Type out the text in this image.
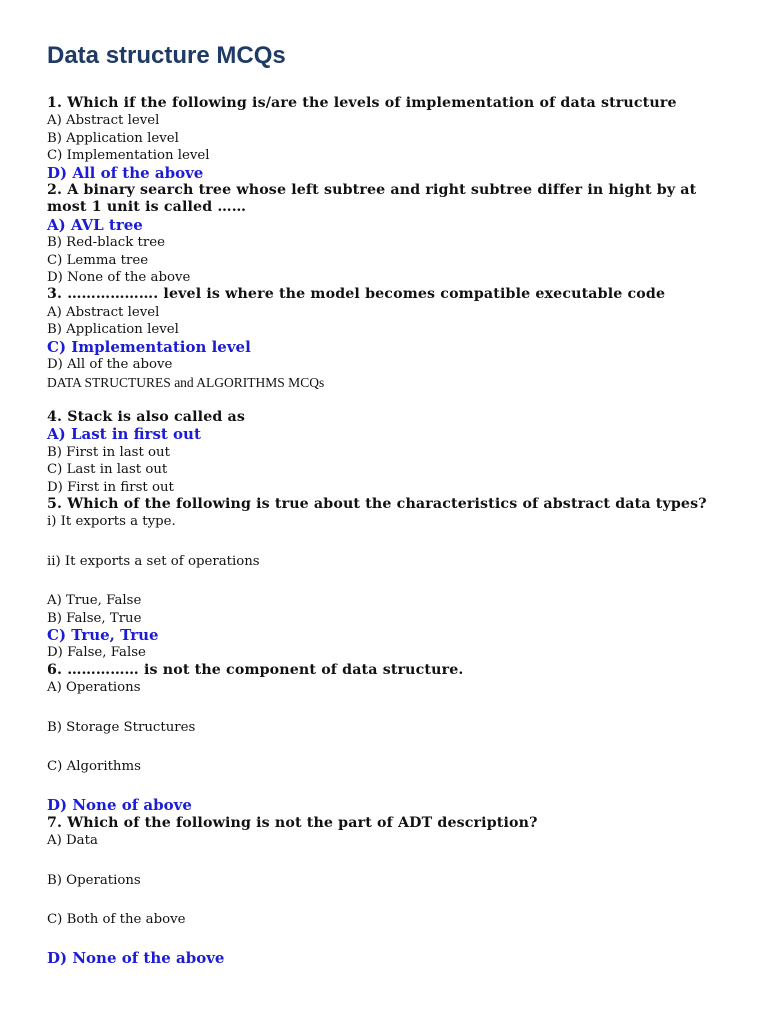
Data structure MCQs
1. Which if the following is/are the levels of implementation of data structure
A) Abstract level
B) Application level
C) Implementation level
D) All of the above
2. A binary search tree whose left subtree and right subtree differ in hight by at most 1 unit is called ……
A) AVL tree
B) Red-black tree
C) Lemma tree
D) None of the above
3. ………………. level is where the model becomes compatible executable code
A) Abstract level
B) Application level
C) Implementation level
D) All of the above
DATA STRUCTURES and ALGORITHMS MCQs
4. Stack is also called as
A) Last in first out
B) First in last out
C) Last in last out
D) First in first out
5. Which of the following is true about the characteristics of abstract data types?
i) It exports a type.
ii) It exports a set of operations
A) True, False
B) False, True
C) True, True
D) False, False
6. …………… is not the component of data structure.
A) Operations
B) Storage Structures
C) Algorithms
D) None of above
7. Which of the following is not the part of ADT description?
A) Data
B) Operations
C) Both of the above
D) None of the above
